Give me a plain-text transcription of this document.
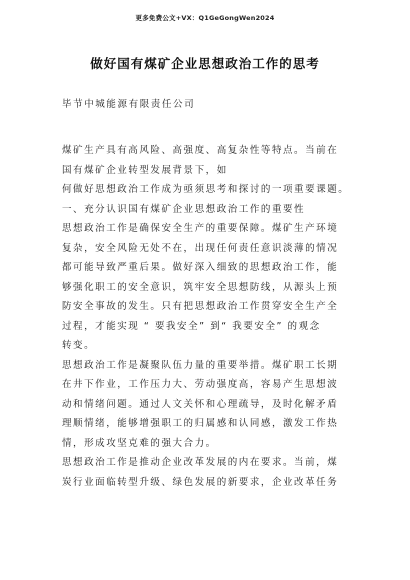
更多免费公文+VX：Q1GeGongWen2024
做好国有煤矿企业思想政治工作的思考
毕节中城能源有限责任公司
煤矿生产具有高风险、高强度、高复杂性等特点。当前在
国有煤矿企业转型发展背景下，如
何做好思想政治工作成为亟须思考和探讨的一项重要课题。
一、充分认识国有煤矿企业思想政治工作的重要性
思想政治工作是确保安全生产的重要保障。煤矿生产环境
复杂，安全风险无处不在，出现任何责任意识淡薄的情况
都可能导致严重后果。做好深入细致的思想政治工作，能
够强化职工的安全意识，筑牢安全思想防线，从源头上预
防安全事故的发生。只有把思想政治工作贯穿安全生产全
过程，才能实现 “ 要我安全” 到“ 我要安全” 的观念
转变。
思想政治工作是凝聚队伍力量的重要举措。煤矿职工长期
在井下作业，工作压力大、劳动强度高，容易产生思想波
动和情绪问题。通过人文关怀和心理疏导，及时化解矛盾
理顺情绪，能够增强职工的归属感和认同感，激发工作热
情，形成攻坚克难的强大合力。
思想政治工作是推动企业改革发展的内在要求。当前，煤
炭行业面临转型升级、绿色发展的新要求，企业改革任务
